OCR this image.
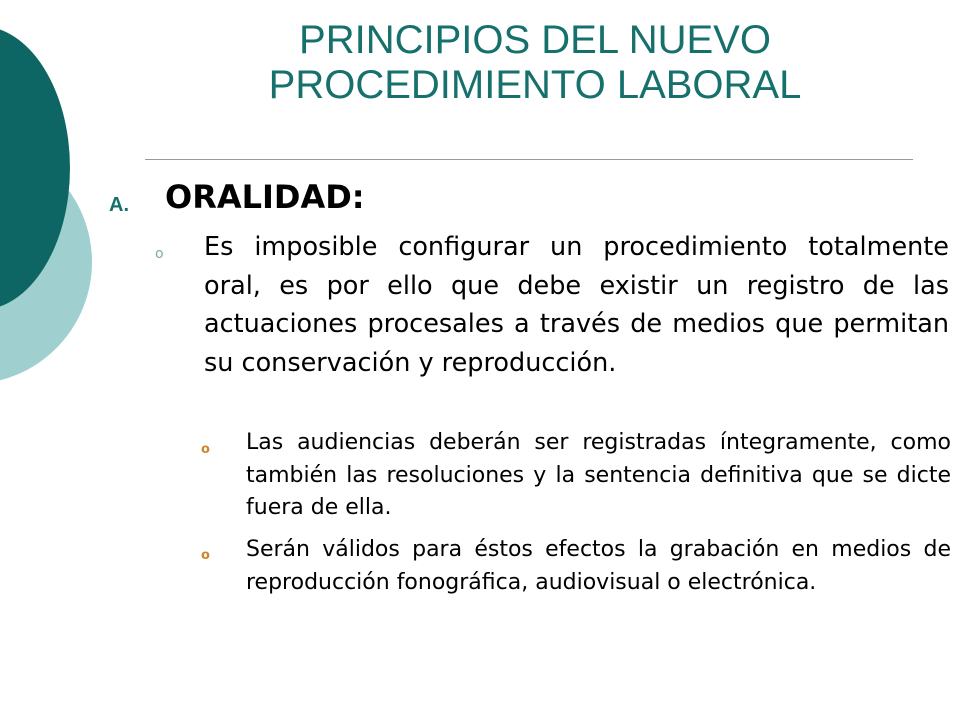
PRINCIPIOS DEL NUEVO PROCEDIMIENTO LABORAL
A. ORALIDAD:
o Es imposible configurar un procedimiento totalmente oral, es por ello que debe existir un registro de las actuaciones procesales a través de medios que permitan su conservación y reproducción.
o Las audiencias deberán ser registradas íntegramente, como también las resoluciones y la sentencia definitiva que se dicte fuera de ella.
o Serán válidos para éstos efectos la grabación en medios de reproducción fonográfica, audiovisual o electrónica.
